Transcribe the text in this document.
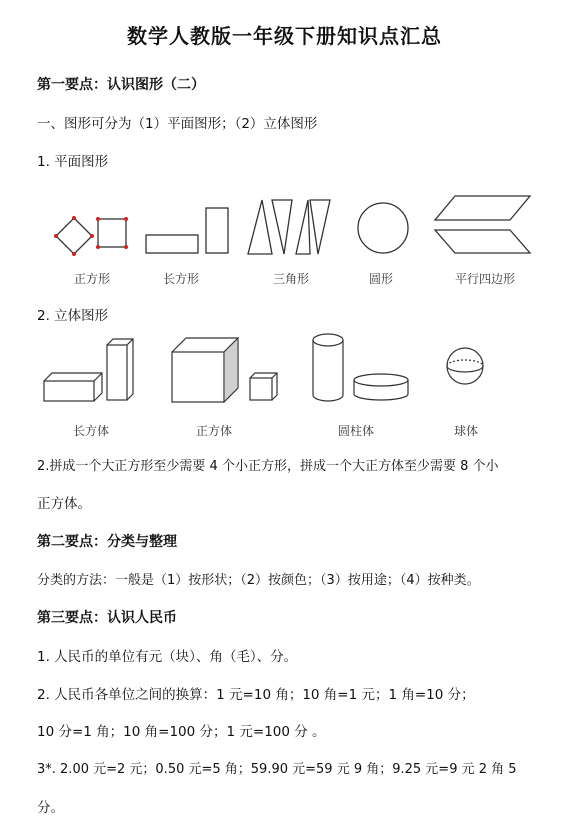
数学人教版一年级下册知识点汇总
第一要点：认识图形（二）
一、图形可分为（1）平面图形；（2）立体图形
1. 平面图形
正方形	长方形	三角形	圆形	平行四边形
2. 立体图形
长方体	正方体	圆柱体	球体
2.拼成一个大正方形至少需要 4 个小正方形，拼成一个大正方体至少需要 8 个小
正方体。
第二要点：分类与整理
分类的方法：一般是（1）按形状；（2）按颜色；（3）按用途；（4）按种类。
第三要点：认识人民币
1. 人民币的单位有元（块）、角（毛）、分。
2. 人民币各单位之间的换算：1 元=10 角；10 角=1 元；1 角=10 分；
10 分=1 角；10 角=100 分；1 元=100 分 。
3*. 2.00 元=2 元；0.50 元=5 角；59.90 元=59 元 9 角；9.25 元=9 元 2 角 5
分。
